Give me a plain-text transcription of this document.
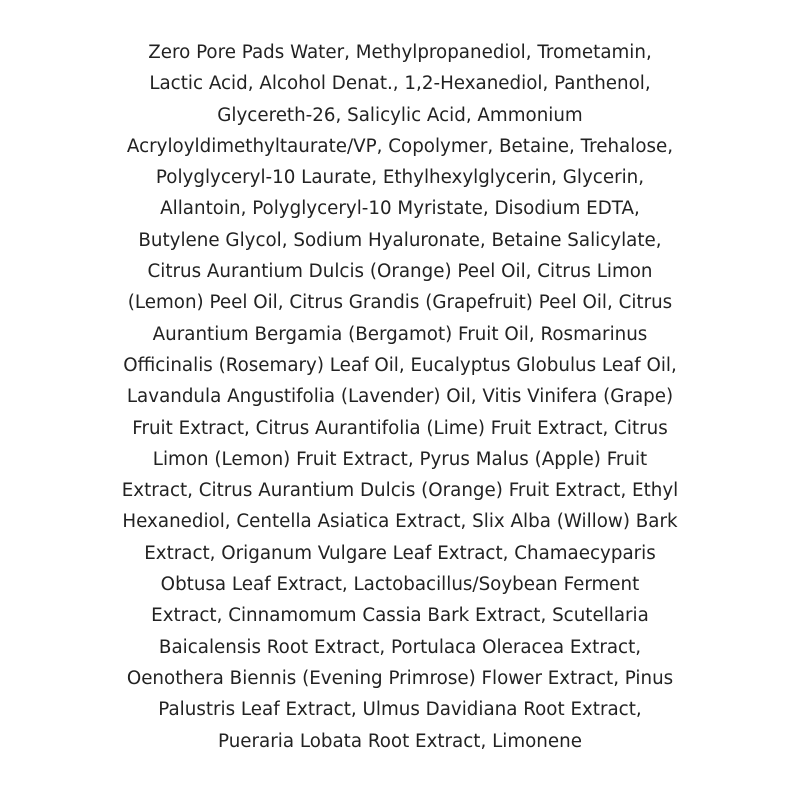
Zero Pore Pads Water, Methylpropanediol, Trometamin,
Lactic Acid, Alcohol Denat., 1,2-Hexanediol, Panthenol,
Glycereth-26, Salicylic Acid, Ammonium
Acryloyldimethyltaurate/VP, Copolymer, Betaine, Trehalose,
Polyglyceryl-10 Laurate, Ethylhexylglycerin, Glycerin,
Allantoin, Polyglyceryl-10 Myristate, Disodium EDTA,
Butylene Glycol, Sodium Hyaluronate, Betaine Salicylate,
Citrus Aurantium Dulcis (Orange) Peel Oil, Citrus Limon
(Lemon) Peel Oil, Citrus Grandis (Grapefruit) Peel Oil, Citrus
Aurantium Bergamia (Bergamot) Fruit Oil, Rosmarinus
Officinalis (Rosemary) Leaf Oil, Eucalyptus Globulus Leaf Oil,
Lavandula Angustifolia (Lavender) Oil, Vitis Vinifera (Grape)
Fruit Extract, Citrus Aurantifolia (Lime) Fruit Extract, Citrus
Limon (Lemon) Fruit Extract, Pyrus Malus (Apple) Fruit
Extract, Citrus Aurantium Dulcis (Orange) Fruit Extract, Ethyl
Hexanediol, Centella Asiatica Extract, Slix Alba (Willow) Bark
Extract, Origanum Vulgare Leaf Extract, Chamaecyparis
Obtusa Leaf Extract, Lactobacillus/Soybean Ferment
Extract, Cinnamomum Cassia Bark Extract, Scutellaria
Baicalensis Root Extract, Portulaca Oleracea Extract,
Oenothera Biennis (Evening Primrose) Flower Extract, Pinus
Palustris Leaf Extract, Ulmus Davidiana Root Extract,
Pueraria Lobata Root Extract, Limonene
